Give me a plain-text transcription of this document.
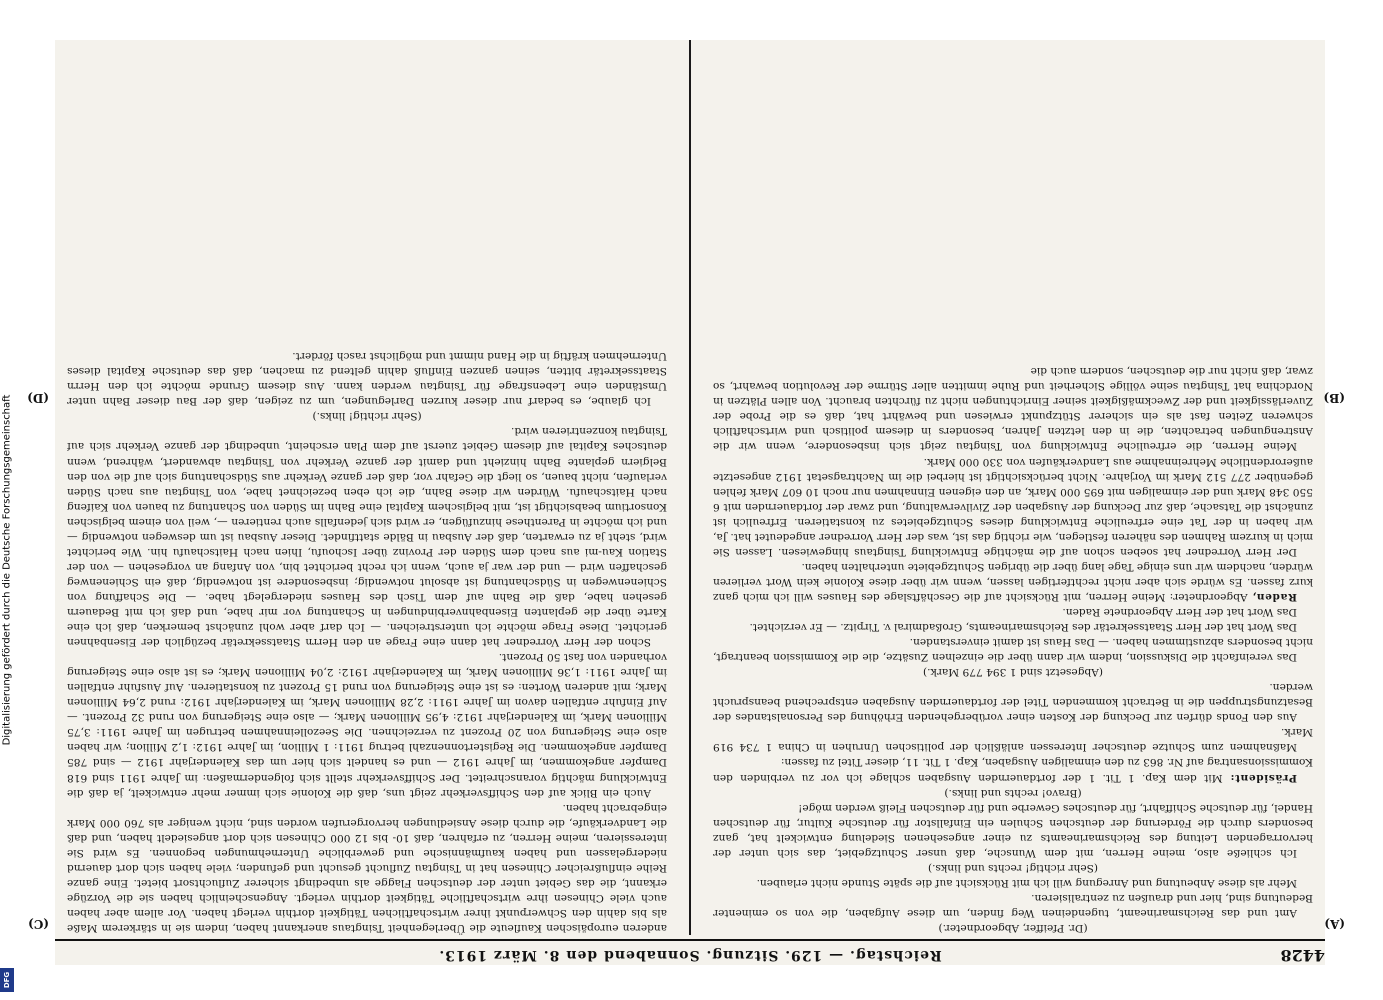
Digitalisierung gefördert durch die Deutsche Forschungsgemeinschaft
DFG
4428
Reichstag. — 129. Sitzung. Sonnabend den 8. März 1913.
(A)
(B)
(C)
(D)

(Dr. Pfeiffer, Abgeordneter.)

Amt und das Reichsmarineamt, tugendeinen Weg finden, um diese Aufgaben, die von so eminenter Bedeutung sind, hier und draußen zu zentralisieren.

Mehr als diese Anbeutung und Anregung will ich mit Rücksicht auf die späte Stunde nicht erlauben.

(Sehr richtig! rechts und links.)

Ich schließe also, meine Herren, mit dem Wunsche, daß unser Schutzgebiet, das sich unter der hervorragenden Leitung des Reichsmarineamts zu einer angesehenen Siedelung entwickelt hat, ganz besonders durch die Förderung der deutschen Schulen ein Einfallstor für deutsche Kultur, für deutschen Handel, für deutsche Schiffahrt, für deutsches Gewerbe und für deutschen Fleiß werden möge!

(Bravo! rechts und links.)

Präsident: Mit dem Kap. 1 Tit. 1 der fortdauernden Ausgaben schlage ich vor zu verbinden den Kommissionsantrag auf Nr. 863 zu den einmaligen Ausgaben, Kap. 1 Tit. 11, dieser Titel zu fassen:

Maßnahmen zum Schutze deutscher Interessen anläßlich der politischen Unruhen in China 1 734 919 Mark.

Aus den Fonds dürfen zur Deckung der Kosten einer vorübergehenden Erhöhung des Personalstandes der Besatzungstruppen die in Betracht kommenden Titel der fortdauernden Ausgaben entsprechend beansprucht werden.

(Abgesetzt sind 1 394 779 Mark.)

Das vereinfacht die Diskussion, indem wir dann über die einzelnen Zusätze, die die Kommission beantragt, nicht besonders abzustimmen haben. — Das Haus ist damit einverstanden.

Das Wort hat der Herr Staatssekretär des Reichsmarineamts, Großadmiral v. Tirpitz. — Er verzichtet.

Das Wort hat der Herr Abgeordnete Raden.

Raden, Abgeordneter: Meine Herren, mit Rücksicht auf die Geschäftslage des Hauses will ich mich ganz kurz fassen. Es würde sich aber nicht rechtfertigen lassen, wenn wir über diese Kolonie kein Wort verlieren würden, nachdem wir uns einige Tage lang über die übrigen Schutzgebiete unterhalten haben.

Der Herr Vorredner hat soeben schon auf die mächtige Entwicklung Tsingtaus hingewiesen. Lassen Sie mich in kurzem Rahmen des näheren festlegen, wie richtig das ist, was der Herr Vorredner angedeutet hat. Ja, wir haben in der Tat eine erfreuliche Entwicklung dieses Schutzgebietes zu konstatieren. Erfreulich ist zunächst die Tatsache, daß zur Deckung der Ausgaben der Zivilverwaltung, und zwar der fortdauernden mit 6 550 348 Mark und der einmaligen mit 695 000 Mark, an den eigenen Einnahmen nur noch 10 607 Mark fehlen gegenüber 277 512 Mark im Vorjahre. Nicht berücksichtigt ist hierbei die im Nachtragsetat 1912 angesetzte außerordentliche Mehreinnahme aus Landverkäufen von 330 000 Mark.

Meine Herren, die erfreuliche Entwicklung von Tsingtau zeigt sich insbesondere, wenn wir die Anstrengungen betrachten, die in den letzten Jahren, besonders in diesem politisch und wirtschaftlich schweren Zeiten fast als ein sicherer Stützpunkt erwiesen und bewährt hat, daß es die Probe der Zuverlässigkeit und der Zweckmäßigkeit seiner Einrichtungen nicht zu fürchten braucht. Von allen Plätzen in Nordchina hat Tsingtau seine völlige Sicherheit und Ruhe inmitten aller Stürme der Revolution bewahrt, so zwar, daß nicht nur die deutschen, sondern auch die

anderen europäischen Kaufleute die Überlegenheit Tsingtaus anerkannt haben, indem sie in stärkerem Maße als bis dahin den Schwerpunkt ihrer wirtschaftlichen Tätigkeit dorthin verlegt haben. Vor allem aber haben auch viele Chinesen ihre wirtschaftliche Tätigkeit dorthin verlegt. Angenscheinlich haben sie die Vorzüge erkannt, die das Gebiet unter der deutschen Flagge als unbedingt sicherer Zufluchtsort bietet. Eine ganze Reihe einflußreicher Chinesen hat in Tsingtau Zuflucht gesucht und gefunden; viele haben sich dort dauernd niedergelassen und haben kaufmännische und gewerbliche Unternehmungen begonnen. Es wird Sie interessieren, meine Herren, zu erfahren, daß 10- bis 12 000 Chinesen sich dort angesiedelt haben, und daß die Landverkäufe, die durch diese Ansiedlungen hervorgerufen worden sind, nicht weniger als 760 000 Mark eingebracht haben.

Auch ein Blick auf den Schiffsverkehr zeigt uns, daß die Kolonie sich immer mehr entwickelt, ja daß die Entwicklung mächtig voranschreitet. Der Schiffsverkehr stellt sich folgendermaßen: im Jahre 1911 sind 618 Dampfer angekommen, im Jahre 1912 — und es handelt sich hier um das Kalenderjahr 1912 — sind 785 Dampfer angekommen. Die Registertonnenzahl betrug 1911: 1 Million, im Jahre 1912: 1,2 Million; wir haben also eine Steigerung von 20 Prozent zu verzeichnen. Die Seezolleinnahmen betrugen im Jahre 1911: 3,75 Millionen Mark, im Kalenderjahr 1912: 4,95 Millionen Mark; — also eine Steigerung von rund 32 Prozent. — Auf Einfuhr entfallen davon im Jahre 1911: 2,28 Millionen Mark, im Kalenderjahr 1912: rund 2,64 Millionen Mark; mit anderen Worten: es ist eine Steigerung von rund 15 Prozent zu konstatieren. Auf Ausfuhr entfallen im Jahre 1911: 1,36 Millionen Mark, im Kalenderjahr 1912: 2,04 Millionen Mark; es ist also eine Steigerung vorhanden von fast 50 Prozent.

Schon der Herr Vorredner hat dann eine Frage an den Herrn Staatssekretär bezüglich der Eisenbahnen gerichtet. Diese Frage möchte ich unterstreichen. — Ich darf aber wohl zunächst bemerken, daß ich eine Karte über die geplanten Eisenbahnverbindungen in Schantung vor mir habe, und daß ich mit Bedauern gesehen habe, daß die Bahn auf dem Tisch des Hauses niedergelegt habe. — Die Schaffung von Schienenwegen in Südschantung ist absolut notwendig; insbesondere ist notwendig, daß ein Schienenweg geschaffen wird — und der war ja auch, wenn ich recht berichtet bin, von Anfang an vorgesehen — von der Station Kau-mi aus nach dem Süden der Provinz über Ischoufu, Ihien nach Haitschaufu hin. Wie berichtet wird, steht ja zu erwarten, daß der Ausbau in Bälde stattfindet. Dieser Ausbau ist um deswegen notwendig — und ich möchte in Parenthese hinzufügen, er wird sich jedenfalls auch rentieren —, weil von einem belgischen Konsortium beabsichtigt ist, mit belgischem Kapital eine Bahn im Süden von Schantung zu bauen von Kaifeng nach Haitschaufu. Würden wir diese Bahn, die ich eben bezeichnet habe, von Tsingtau aus nach Süden verlaufen, nicht bauen, so liegt die Gefahr vor, daß der ganze Verkehr aus Südschantung sich auf die von den Belgiern geplante Bahn hinzieht und damit der ganze Verkehr von Tsingtau abwandert, während, wenn deutsches Kapital auf diesem Gebiet zuerst auf dem Plan erscheint, unbedingt der ganze Verkehr sich auf Tsingtau konzentrieren wird.

(Sehr richtig! links.)

Ich glaube, es bedarf nur dieser kurzen Darlegungen, um zu zeigen, daß der Bau dieser Bahn unter Umständen eine Lebensfrage für Tsingtau werden kann. Aus diesem Grunde möchte ich den Herrn Staatssekretär bitten, seinen ganzen Einfluß dahin geltend zu machen, daß das deutsche Kapital dieses Unternehmen kräftig in die Hand nimmt und möglichst rasch fördert.
